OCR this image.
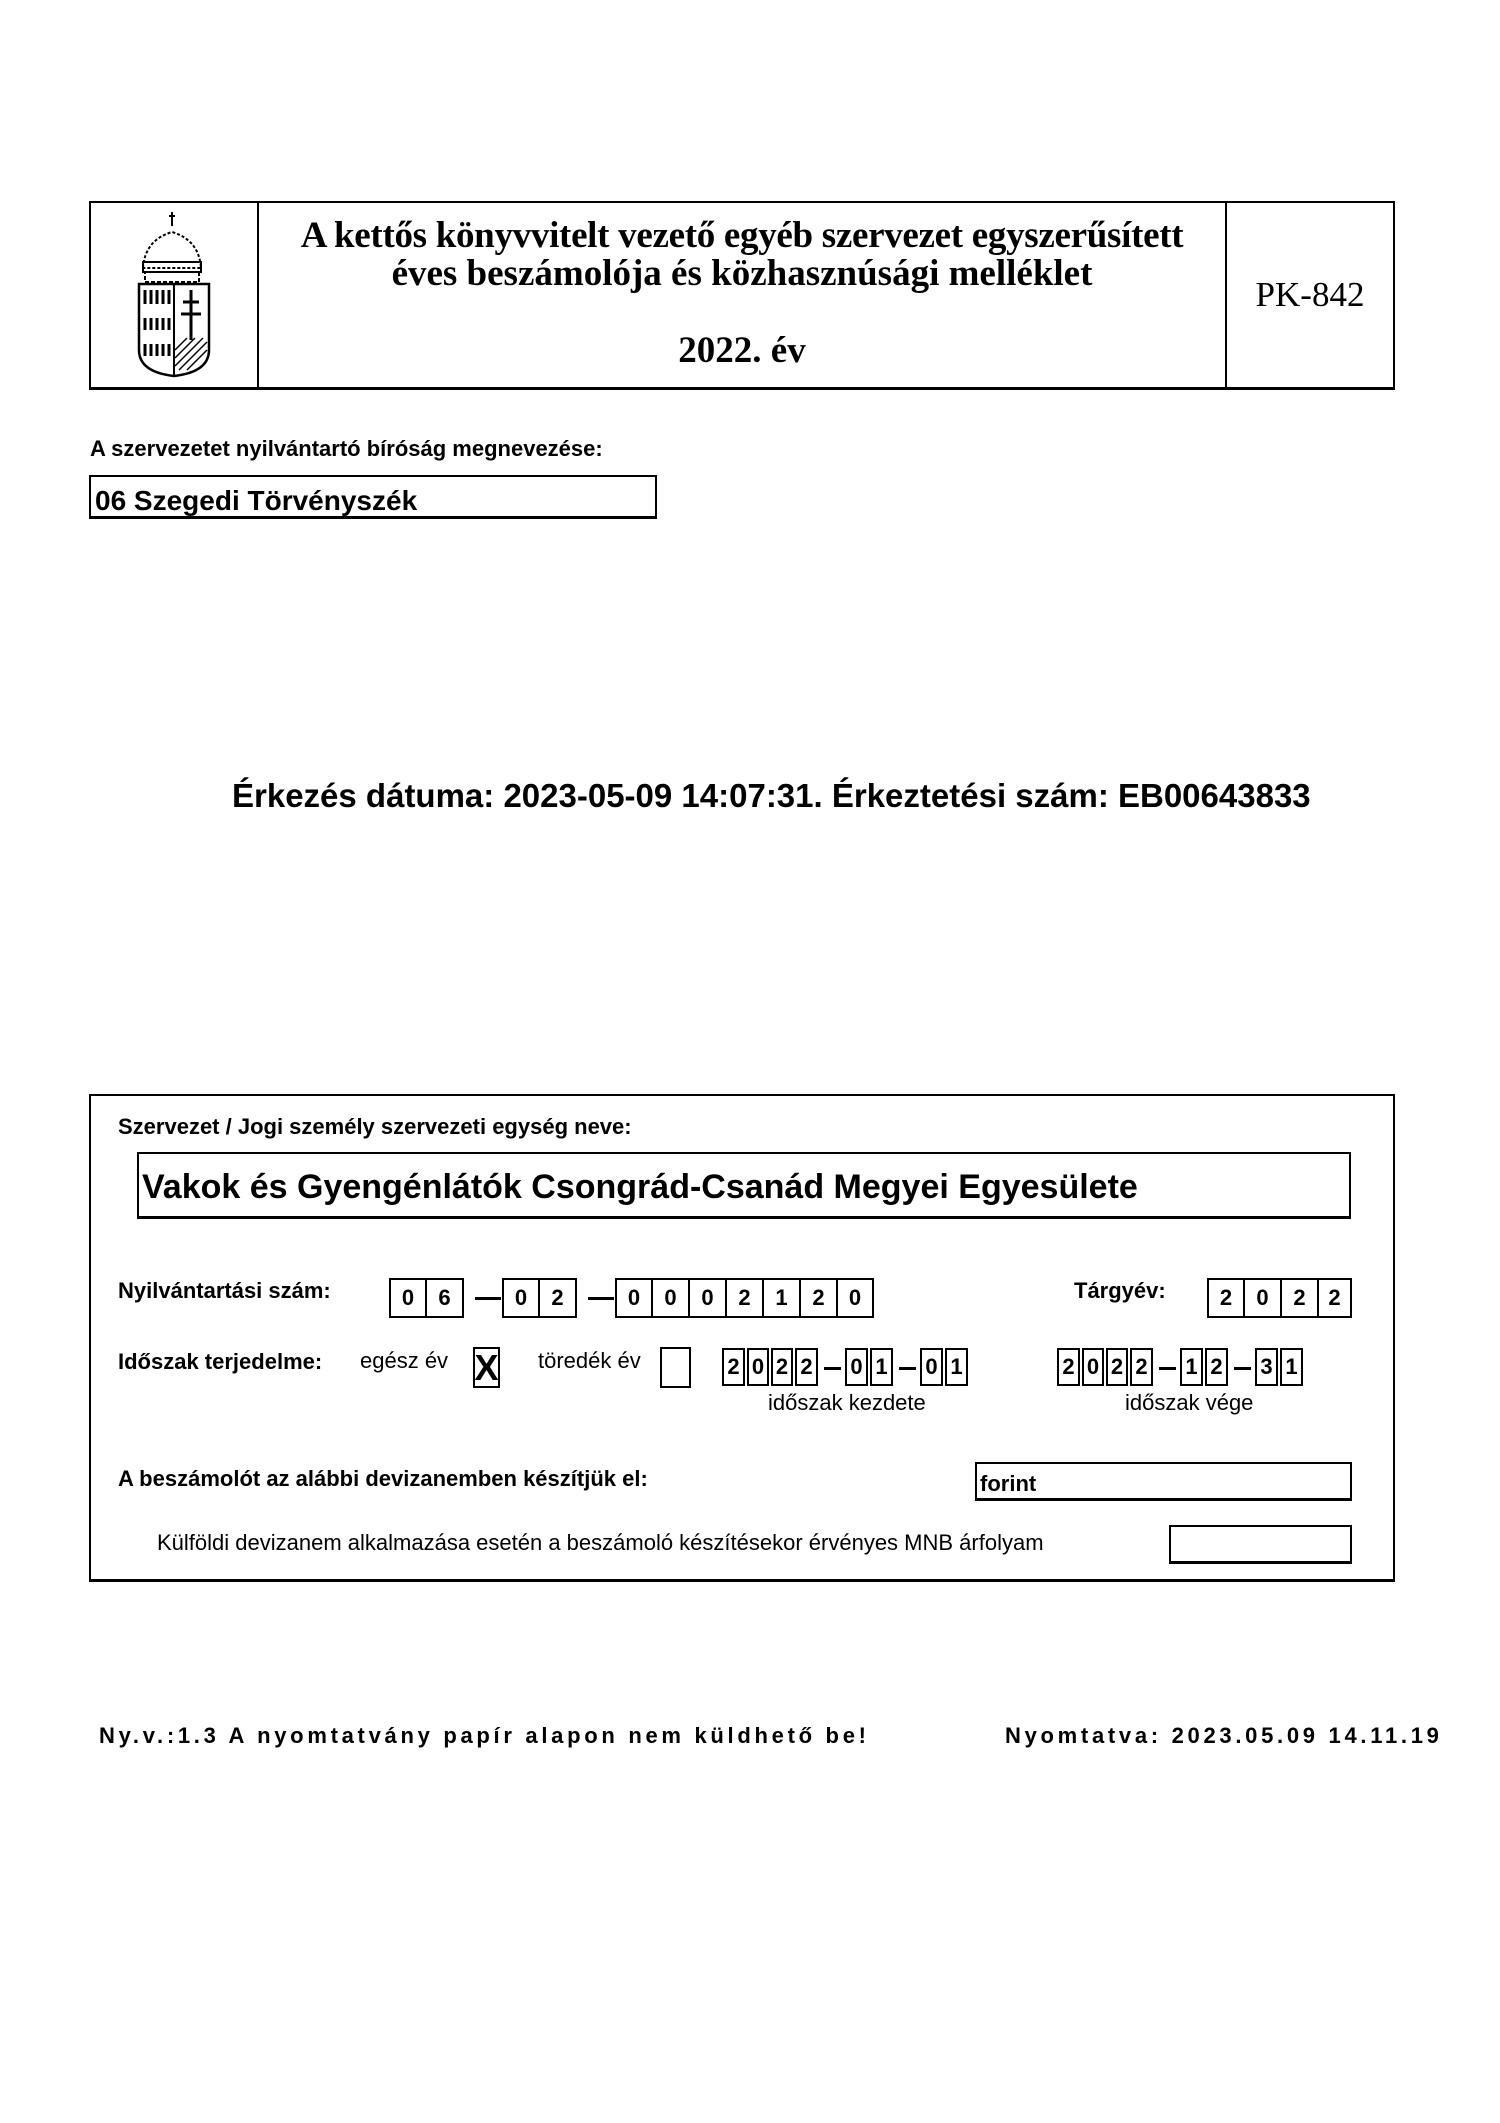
A kettős könyvvitelt vezető egyéb szervezet egyszerűsített
éves beszámolója és közhasznúsági melléklet
2022. év
PK-842
A szervezetet nyilvántartó bíróság megnevezése:
06 Szegedi Törvényszék
Érkezés dátuma: 2023-05-09 14:07:31. Érkeztetési szám: EB00643833
Szervezet / Jogi személy szervezeti egység neve:
Vakok és Gyengénlátók Csongrád-Csanád Megyei Egyesülete
Nyilvántartási szám:	0	6	0	2	0	0	0	2	1	2	0	Tárgyév:	2	0	2	2
Időszak terjedelme: egész év X töredék év	2 0 2 2 0 1 0 1
időszak kezdete
2 0 2 2 1 2 3 1
időszak vége
A beszámolót az alábbi devizanemben készítjük el:	forint
Külföldi devizanem alkalmazása esetén a beszámoló készítésekor érvényes MNB árfolyam
Ny.v.:1.3 A nyomtatvány papír alapon nem küldhető be!	Nyomtatva: 2023.05.09 14.11.19
